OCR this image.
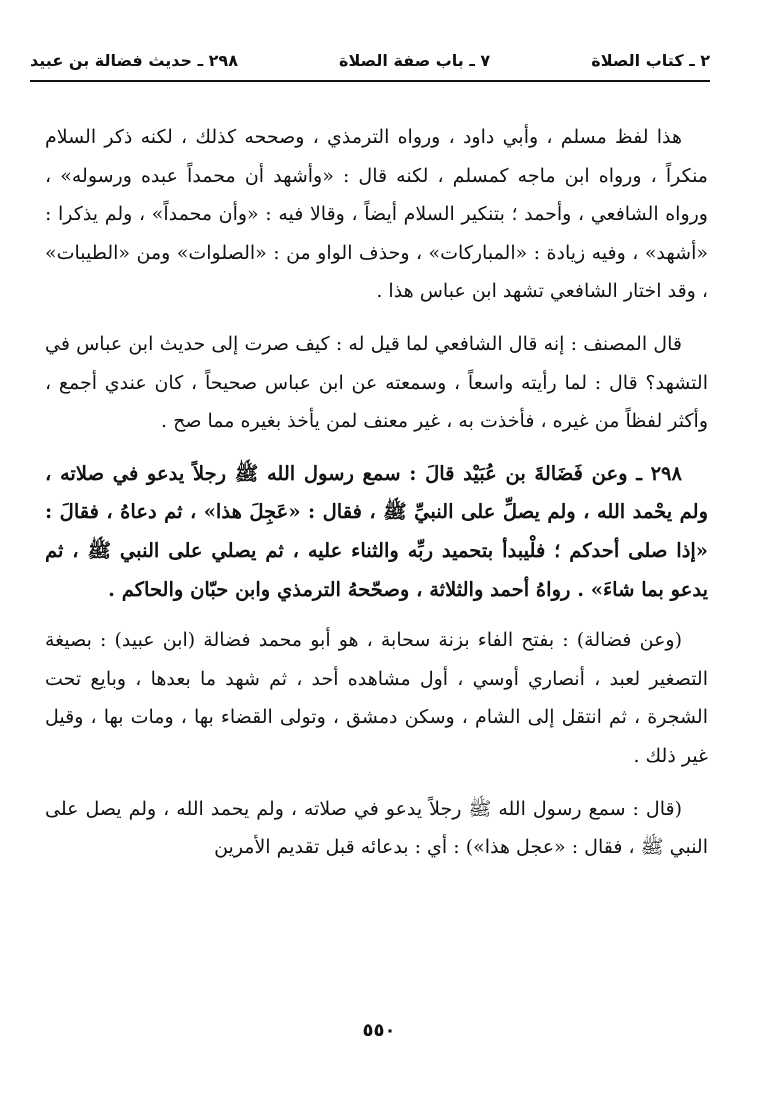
٢ ـ كتاب الصلاة
٧ ـ باب صفة الصلاة
٢٩٨ ـ حديث فضالة بن عبيد

هذا لفظ مسلم ، وأبي داود ، ورواه الترمذي ، وصححه كذلك ، لكنه ذكر السلام منكراً ، ورواه ابن ماجه كمسلم ، لكنه قال : «وأشهد أن محمداً عبده ورسوله» ، ورواه الشافعي ، وأحمد ؛ بتنكير السلام أيضاً ، وقالا فيه : «وأن محمداً» ، ولم يذكرا : «أشهد» ، وفيه زيادة : «المباركات» ، وحذف الواو من : «الصلوات» ومن «الطيبات» ، وقد اختار الشافعي تشهد ابن عباس هذا .

قال المصنف : إنه قال الشافعي لما قيل له : كيف صرت إلى حديث ابن عباس في التشهد؟ قال : لما رأيته واسعاً ، وسمعته عن ابن عباس صحيحاً ، كان عندي أجمع ، وأكثر لفظاً من غيره ، فأخذت به ، غير معنف لمن يأخذ بغيره مما صح .

٢٩٨ ـ وعن فَضَالةَ بن عُبَيْد قالَ : سمع رسول الله ﷺ رجلاً يدعو في صلاته ، ولم يحْمد الله ، ولم يصلِّ على النبيِّ ﷺ ، فقال : «عَجِلَ هذا» ، ثم دعاهُ ، فقالَ : «إذا صلى أحدكم ؛ فلْيبدأ بتحميد ربِّه والثناء عليه ، ثم يصلي على النبي ﷺ ، ثم يدعو بما شاءَ» . رواهُ أحمد والثلاثة ، وصحّحهُ الترمذي وابن حبّان والحاكم .

(وعن فضالة) : بفتح الفاء بزنة سحابة ، هو أبو محمد فضالة (ابن عبيد) : بصيغة التصغير لعبد ، أنصاري أوسي ، أول مشاهده أحد ، ثم شهد ما بعدها ، وبايع تحت الشجرة ، ثم انتقل إلى الشام ، وسكن دمشق ، وتولى القضاء بها ، ومات بها ، وقيل غير ذلك .

(قال : سمع رسول الله ﷺ رجلاً يدعو في صلاته ، ولم يحمد الله ، ولم يصل على النبي ﷺ ، فقال : «عجل هذا») : أي : بدعائه قبل تقديم الأمرين

٥٥٠
